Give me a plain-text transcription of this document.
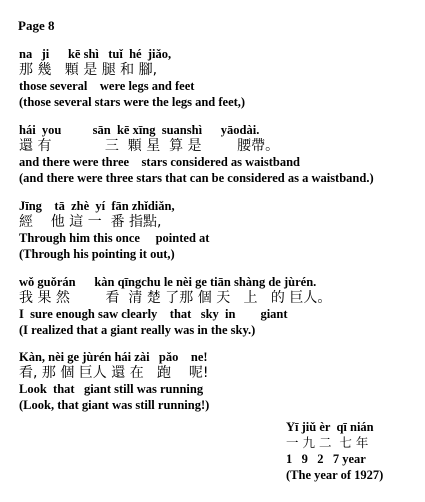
Page 8
na   ji      kē shì   tuǐ  hé  jiǎo,
那 幾   顆 是 腿 和 腳,
those several    were legs and feet
(those several stars were the legs and feet,)
hái  you          sān  kē xīng  suanshì      yāodài.
還 有            三  顆 星  算 是        腰帶。
and there were three    stars considered as waistband
(and there were three stars that can be considered as a waistband.)
Jīng    tā  zhè  yí  fān zhǐdiǎn,
經    他 這 一  番 指點,
Through him this once     pointed at
(Through his pointing it out,)
wǒ guǒrán      kàn qīngchu le nèi ge tiān shàng de jùrén.
我 果 然        看  清 楚 了那 個 天   上   的 巨人。
I  sure enough saw clearly    that   sky  in        giant
(I realized that a giant really was in the sky.)
Kàn, nèi ge jùrén hái zài   pǎo    ne!
看, 那 個 巨人 還 在   跑    呢!
Look  that   giant still was running
(Look, that giant was still running!)
Yī jiǔ èr  qī nián
一 九 二  七 年
1   9   2   7 year
(The year of 1927)
